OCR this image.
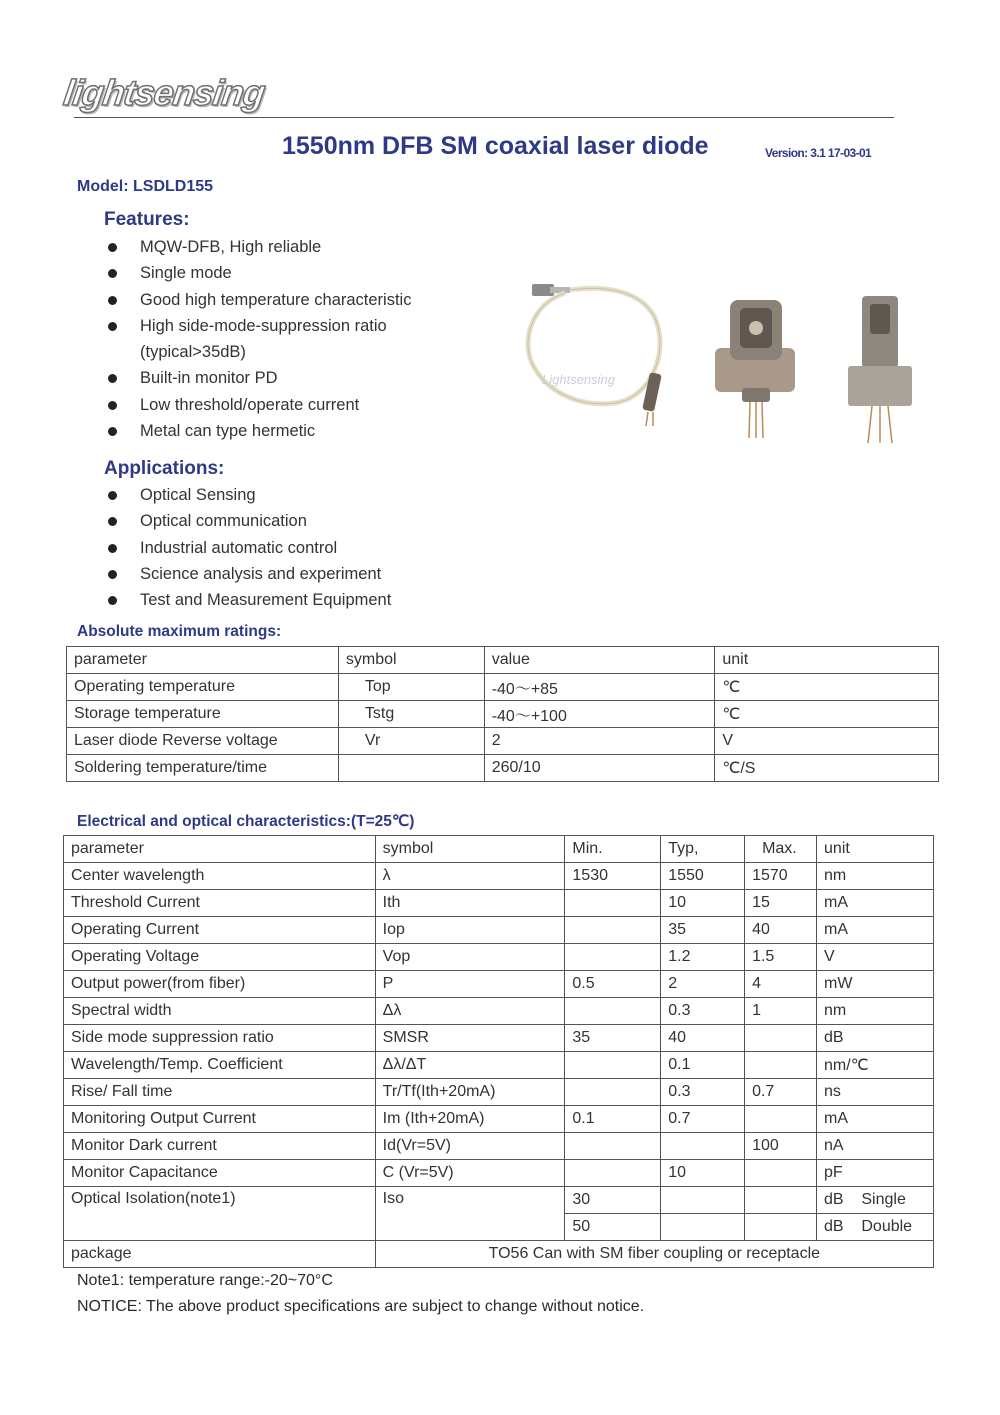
lightsensing
1550nm DFB SM coaxial laser diode	Version: 3.1 17-03-01
Model: LSDLD155
Features:
MQW-DFB, High reliable
Single mode
Good high temperature characteristic
High side-mode-suppression ratio
(typical>35dB)
Built-in monitor PD
Low threshold/operate current
Metal can type hermetic
Lightsensing
Applications:
Optical Sensing
Optical communication
Industrial automatic control
Science analysis and experiment
Test and Measurement Equipment
Absolute maximum ratings:
parameter	symbol	value	unit
Operating temperature	Top	-40～+85	℃
Storage temperature	Tstg	-40～+100	℃
Laser diode Reverse voltage	Vr	2	V
Soldering temperature/time		260/10	℃/S
Electrical and optical characteristics:(T=25℃)
parameter	symbol	Min.	Typ,	Max.	unit
Center wavelength	λ	1530	1550	1570	nm
Threshold Current	Ith		10	15	mA
Operating Current	Iop		35	40	mA
Operating Voltage	Vop		1.2	1.5	V
Output power(from fiber)	P	0.5	2	4	mW
Spectral width	Δλ		0.3	1	nm
Side mode suppression ratio	SMSR	35	40		dB
Wavelength/Temp. Coefficient	Δλ/ΔT		0.1		nm/℃
Rise/ Fall time	Tr/Tf(Ith+20mA)		0.3	0.7	ns
Monitoring Output Current	Im (Ith+20mA)	0.1	0.7		mA
Monitor Dark current	Id(Vr=5V)			100	nA
Monitor Capacitance	C (Vr=5V)		10		pF
Optical Isolation(note1)	Iso	30			dB    Single
		50			dB    Double
package	TO56 Can with SM fiber coupling or receptacle				
Note1: temperature range:-20~70°C
NOTICE: The above product specifications are subject to change without notice.
